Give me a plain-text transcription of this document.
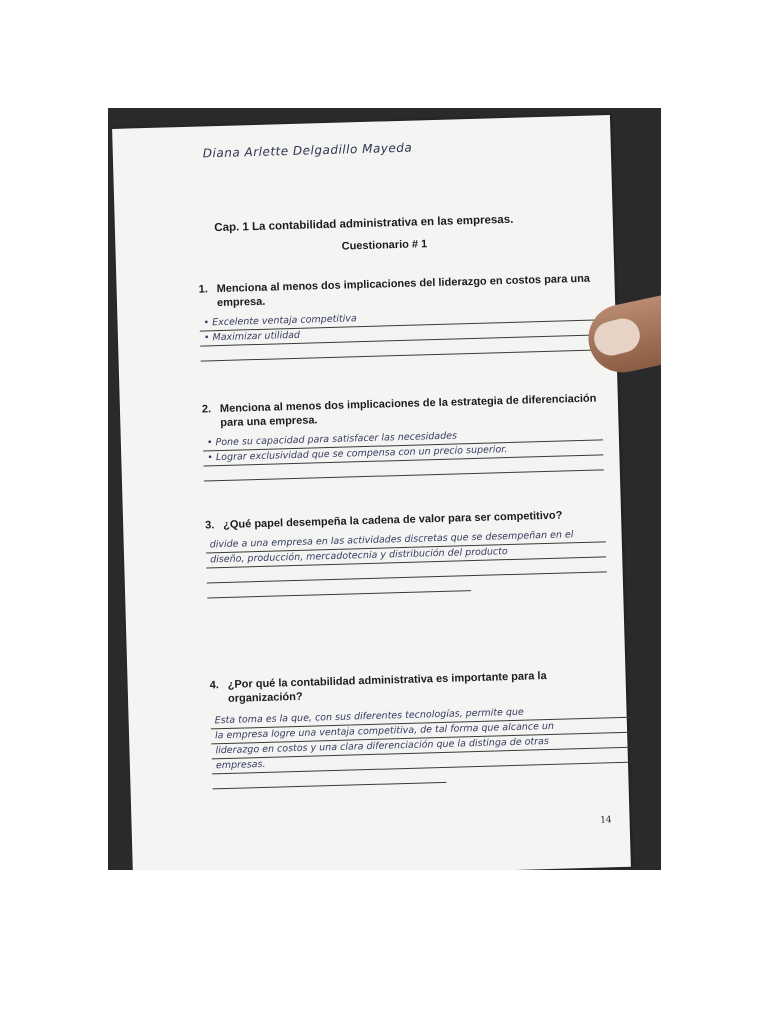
Diana Arlette Delgadillo Mayeda
Cap. 1 La contabilidad administrativa en las empresas.
Cuestionario # 1
1. Menciona al menos dos implicaciones del liderazgo en costos para una
empresa.
• Excelente ventaja competitiva
• Maximizar utilidad
2. Menciona al menos dos implicaciones de la estrategia de diferenciación
para una empresa.
• Pone su capacidad para satisfacer las necesidades
• Lograr exclusividad que se compensa con un precio superior.
3. ¿Qué papel desempeña la cadena de valor para ser competitivo?
divide a una empresa en las actividades discretas que se desempeñan en el
diseño, producción, mercadotecnia y distribución del producto
4. ¿Por qué la contabilidad administrativa es importante para la
organización?
Esta toma es la que, con sus diferentes tecnologías, permite que
la empresa logre una ventaja competitiva, de tal forma que alcance un
liderazgo en costos y una clara diferenciación que la distinga de otras
empresas.
14
